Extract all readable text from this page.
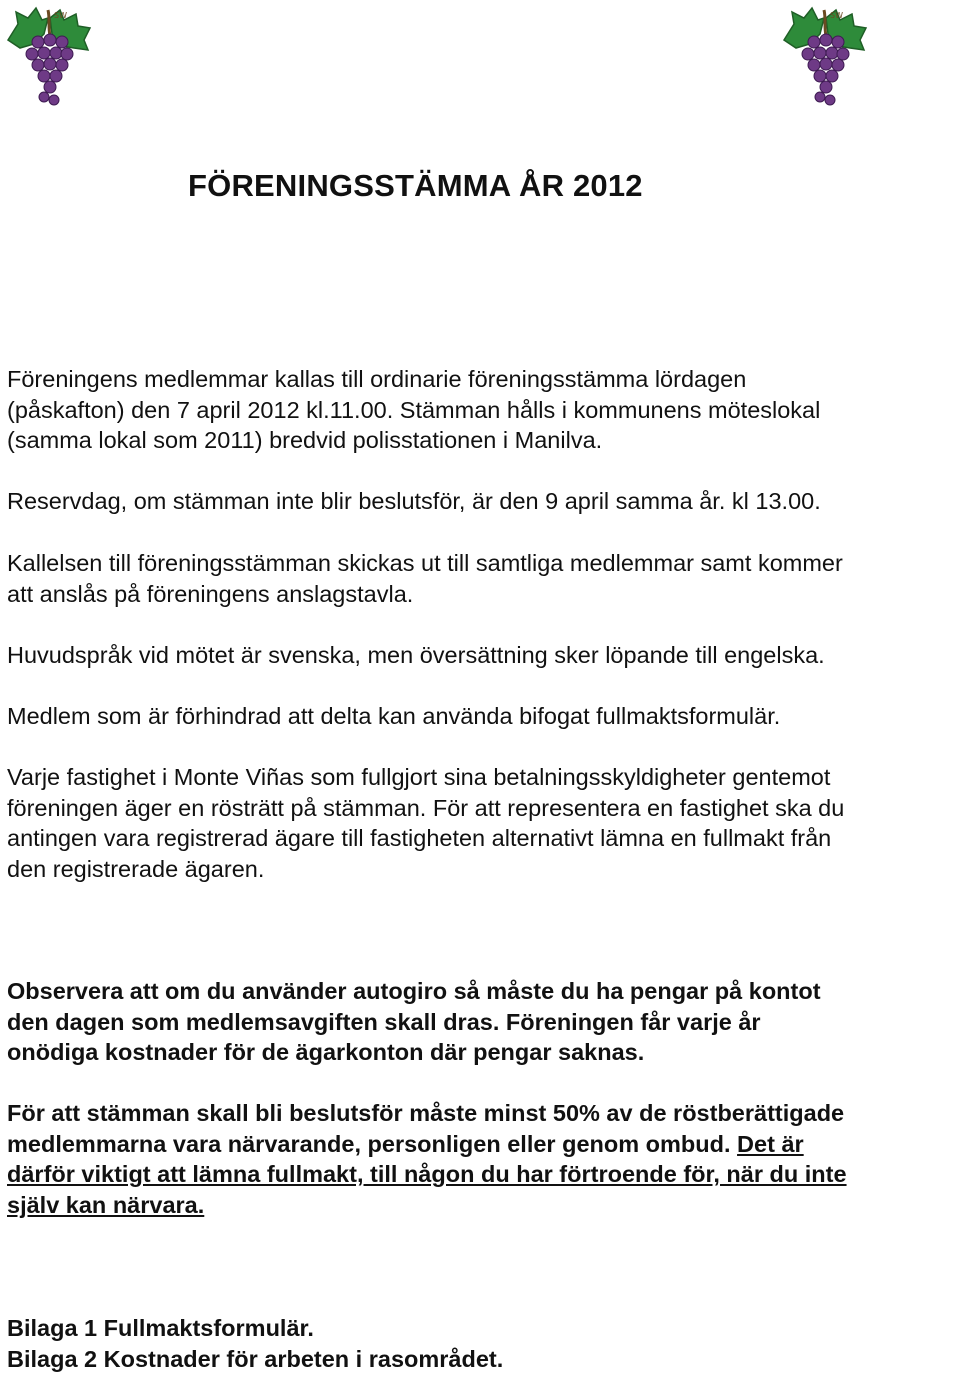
SW	SW
FÖRENINGSSTÄMMA ÅR 2012
Föreningens medlemmar kallas till ordinarie föreningsstämma lördagen
(påskafton) den 7 april 2012 kl.11.00. Stämman hålls i kommunens möteslokal
(samma lokal som 2011) bredvid polisstationen i Manilva.
Reservdag, om stämman inte blir beslutsför, är den 9 april samma år. kl 13.00.
Kallelsen till föreningsstämman skickas ut till samtliga medlemmar samt kommer
att anslås på föreningens anslagstavla.
Huvudspråk vid mötet är svenska, men översättning sker löpande till engelska.
Medlem som är förhindrad att delta kan använda bifogat fullmaktsformulär.
Varje fastighet i Monte Viñas som fullgjort sina betalningsskyldigheter gentemot
föreningen äger en rösträtt på stämman. För att representera en fastighet ska du
antingen vara registrerad ägare till fastigheten alternativt lämna en fullmakt från
den registrerade ägaren.
Observera att om du använder autogiro så måste du ha pengar på kontot
den dagen som medlemsavgiften skall dras. Föreningen får varje år
onödiga kostnader för de ägarkonton där pengar saknas.
För att stämman skall bli beslutsför måste minst 50% av de röstberättigade
medlemmarna vara närvarande, personligen eller genom ombud. Det är
därför viktigt att lämna fullmakt, till någon du har förtroende för, när du inte
själv kan närvara.
Bilaga 1 Fullmaktsformulär.
Bilaga 2 Kostnader för arbeten i rasområdet.
